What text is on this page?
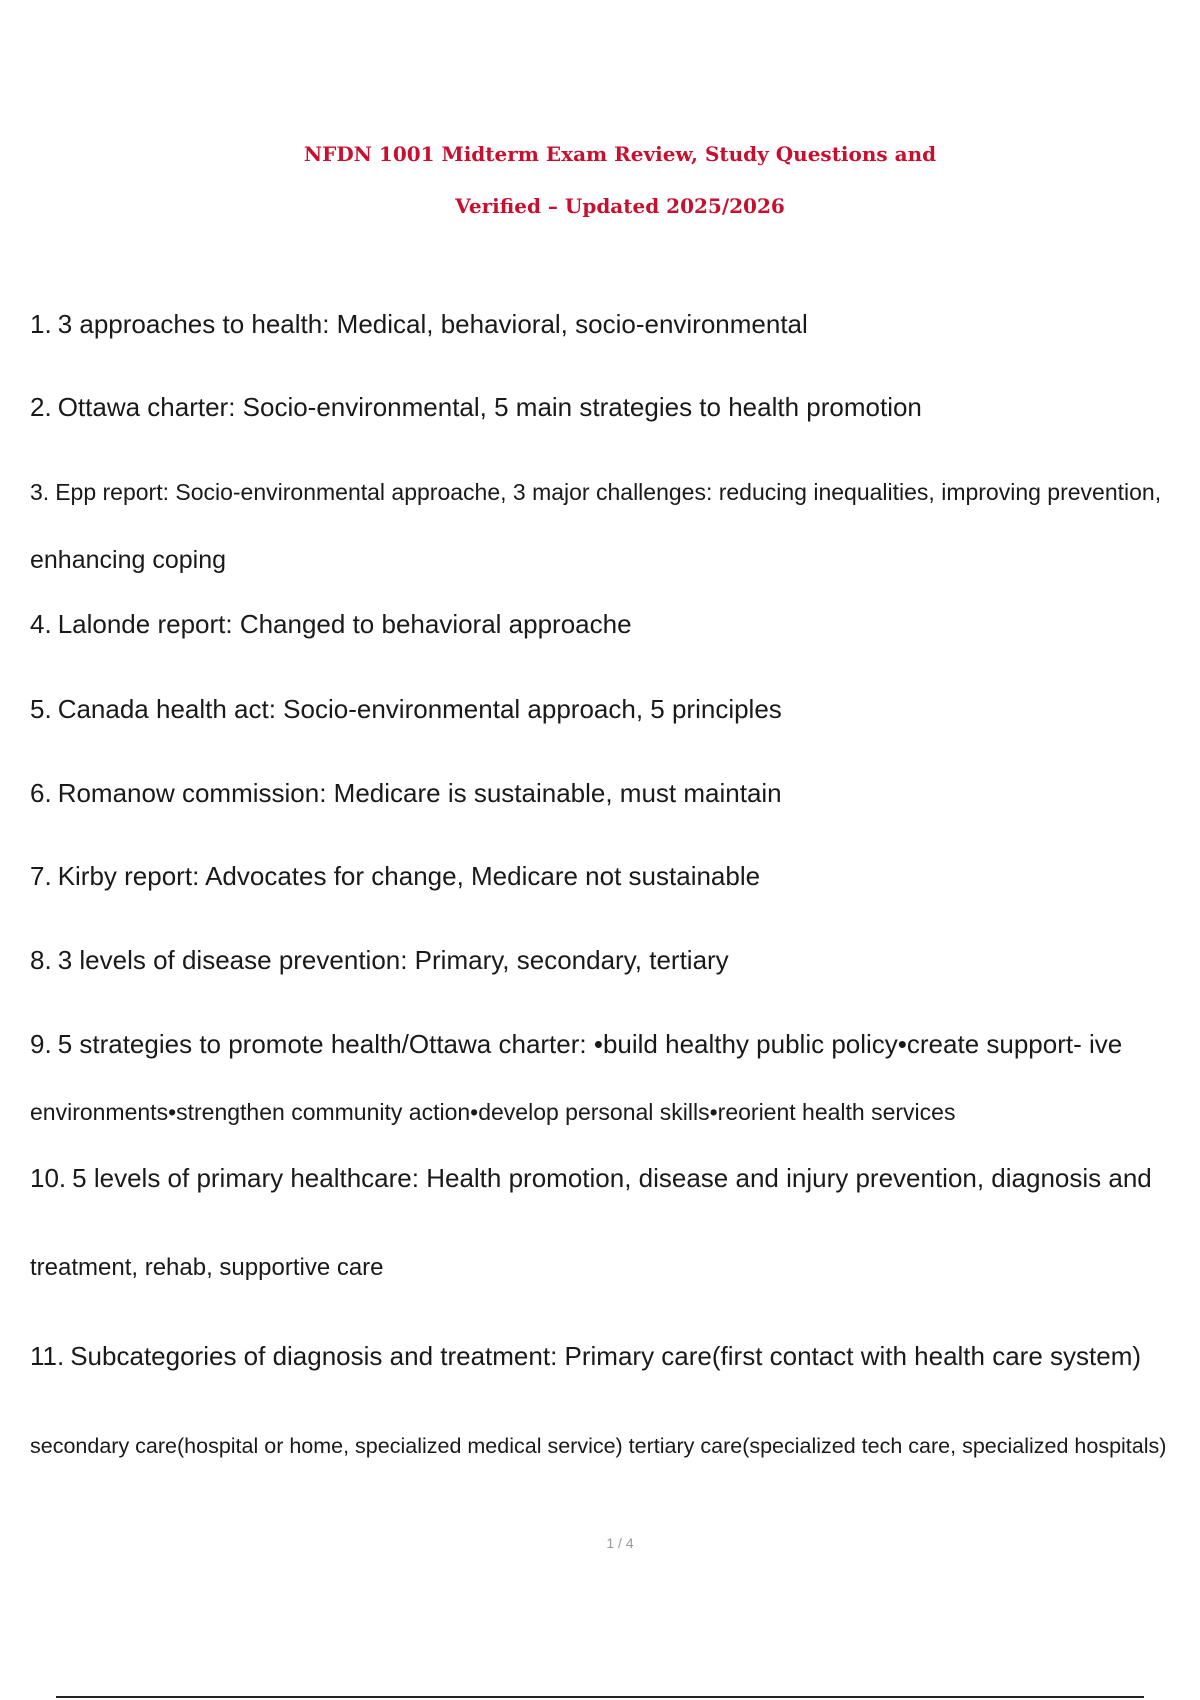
NFDN 1001 Midterm Exam Review, Study Questions and
Verified – Updated 2025/2026
1. 3 approaches to health: Medical, behavioral, socio-environmental
2. Ottawa charter: Socio-environmental, 5 main strategies to health promotion
3. Epp report: Socio-environmental approache, 3 major challenges: reducing inequalities, improving prevention,
enhancing coping
4. Lalonde report: Changed to behavioral approache
5. Canada health act: Socio-environmental approach, 5 principles
6. Romanow commission: Medicare is sustainable, must maintain
7. Kirby report: Advocates for change, Medicare not sustainable
8. 3 levels of disease prevention: Primary, secondary, tertiary
9. 5 strategies to promote health/Ottawa charter: •build healthy public policy•create support- ive
environments•strengthen community action•develop personal skills•reorient health services
10. 5 levels of primary healthcare: Health promotion, disease and injury prevention, diagnosis and
treatment, rehab, supportive care
11. Subcategories of diagnosis and treatment: Primary care(first contact with health care system)
secondary care(hospital or home, specialized medical service) tertiary care(specialized tech care, specialized hospitals)
1 / 4
